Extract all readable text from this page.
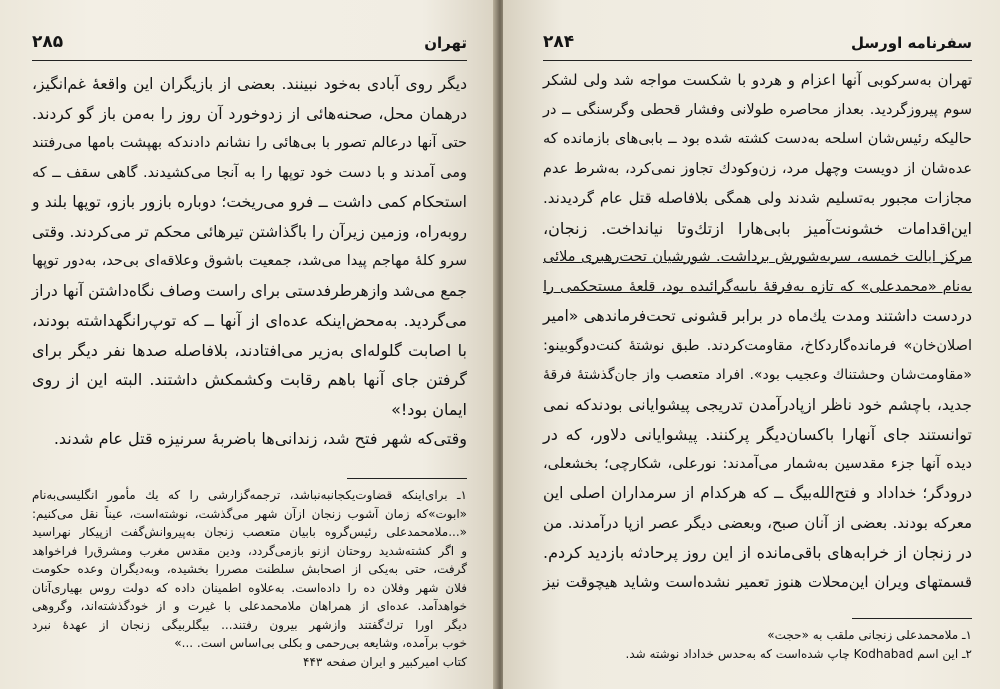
تهران
۲۸۵
دیگر روی آبادی به‌خود نبینند. بعضی از بازیگران این واقعهٔ غم‌انگیز،
درهمان محل، صحنه‌هائی از زدوخورد آن روز را به‌من باز گو کردند.
حتی آنها درعالم تصور با بی‌هائی را نشانم دادندکه بهپشت بامها می‌رفتند
ومی آمدند و با دست خود توپها را به آنجا می‌کشیدند. گاهی سقف ــ که
استحکام کمی داشت ــ فرو می‌ریخت؛ دوباره بازور بازو، توپها بلند و
روبه‌راه، وزمین زیرآن را باگذاشتن تیرهائی محکم تر می‌کردند. وقتی
سرو کلهٔ مهاجم پیدا می‌شد، جمعیت باشوق وعلاقه‌ای بی‌حد، به‌دور توپها
جمع می‌شد وازهرطرفدستی برای راست وصاف نگاه‌داشتن آنها دراز
می‌گردید. به‌محض‌اینکه عده‌ای از آنها ــ که توپ‌رانگهداشته بودند،
با اصابت گلوله‌ای به‌زیر می‌افتادند، بلافاصله صدها نفر دیگر برای
گرفتن جای آنها باهم رقابت وکشمکش داشتند. البته این از روی
ایمان بود!»
وقتی‌که شهر فتح شد، زندانی‌ها باضربهٔ سرنیزه قتل عام شدند.
۱ـ برای‌اینکه قضاوت‌یکجانبه‌نباشد، ترجمه‌گزارشی را که یك مأمور انگلیسی‌به‌نام
«ابوت»که زمان آشوب زنجان ازآن شهر می‌گذشت، نوشته‌است، عیناً نقل می‌کنیم:
«...ملامحمدعلی رئیس‌گروه بابیان متعصب زنجان به‌پیروانش‌گفت ازپیکار نهراسید
و اگر کشته‌شدید روحتان ازنو بازمی‌گردد، ودین مقدس مغرب ومشرق‌را فراخواهد
گرفت، حتی به‌یکی از اصحابش سلطنت مصررا بخشیده، وبه‌دیگران وعده حکومت
فلان شهر وفلان ده را داده‌است. به‌علاوه اطمینان داده که دولت روس بهیاری‌آنان
خواهدآمد. عده‌ای از همراهان ملامحمدعلی با غیرت و از خودگذشته‌اند، وگروهی
دیگر اورا ترك‌گفتند وازشهر بیرون رفتند... بیگلربیگی زنجان از عهدهٔ نبرد
خوب برآمده، وشایعه بی‌رحمی و بکلی بی‌اساس است. ...»
کتاب امیرکبیر و ایران صفحه ۴۴۳
سفرنامه اورسل
۲۸۴
تهران به‌سرکوبی آنها اعزام و هردو با شکست مواجه شد ولی لشکر
سوم پیروزگردید. بعداز محاصره طولانی وفشار قحطی وگرسنگی ــ در
حالیکه رئیس‌شان اسلحه به‌دست کشته شده بود ــ بابی‌های بازمانده که
عده‌شان از دویست وچهل مرد، زن‌وکودك تجاوز نمی‌کرد، به‌شرط عدم
مجازات مجبور به‌تسلیم شدند ولی همگی بلافاصله قتل عام گردیدند.
این‌اقدامات خشونت‌آمیز بابی‌هارا ازتك‌وتا نیانداخت. زنجان،
مرکز ایالت خمسه، سربه‌شورش برداشت. شورشیان تحت‌رهبری ملائی
به‌نام «محمدعلی» که تازه به‌فرقهٔ بابیه‌گرائیده بود، قلعهٔ مستحکمی را
دردست داشتند ومدت یك‌ماه در برابر قشونی تحت‌فرماندهی «امیر
اصلان‌خان» فرمانده‌گاردکاخ، مقاومت‌کردند. طبق نوشتهٔ کنت‌دوگوبینو:
«مقاومت‌شان وحشتناك وعجیب بود». افراد متعصب واز جان‌گذشتهٔ فرقهٔ
جدید، باچشم خود ناظر ازپادرآمدن تدریجی پیشوایانی بودندکه نمی‌
توانستند جای آنهارا باکسان‌دیگر پرکنند. پیشوایانی دلاور، که در
دیده آنها جزء مقدسین به‌شمار می‌آمدند: نورعلی، شکارچی؛ بخشعلی،
درودگر؛ خداداد و فتح‌الله‌بیگ ــ که هرکدام از سرمداران اصلی این
معرکه بودند. بعضی از آنان صبح، وبعضی دیگر عصر ازپا درآمدند. من
در زنجان از خرابه‌های باقی‌مانده از این روز پرحادثه بازدید کردم.
قسمتهای ویران این‌محلات هنوز تعمیر نشده‌است وشاید هیچوقت نیز
۱ـ ملامحمدعلی زنجانی ملقب به «حجت»
۲ـ این اسم Kodhabad چاپ شده‌است که به‌حدس خداداد نوشته شد.
